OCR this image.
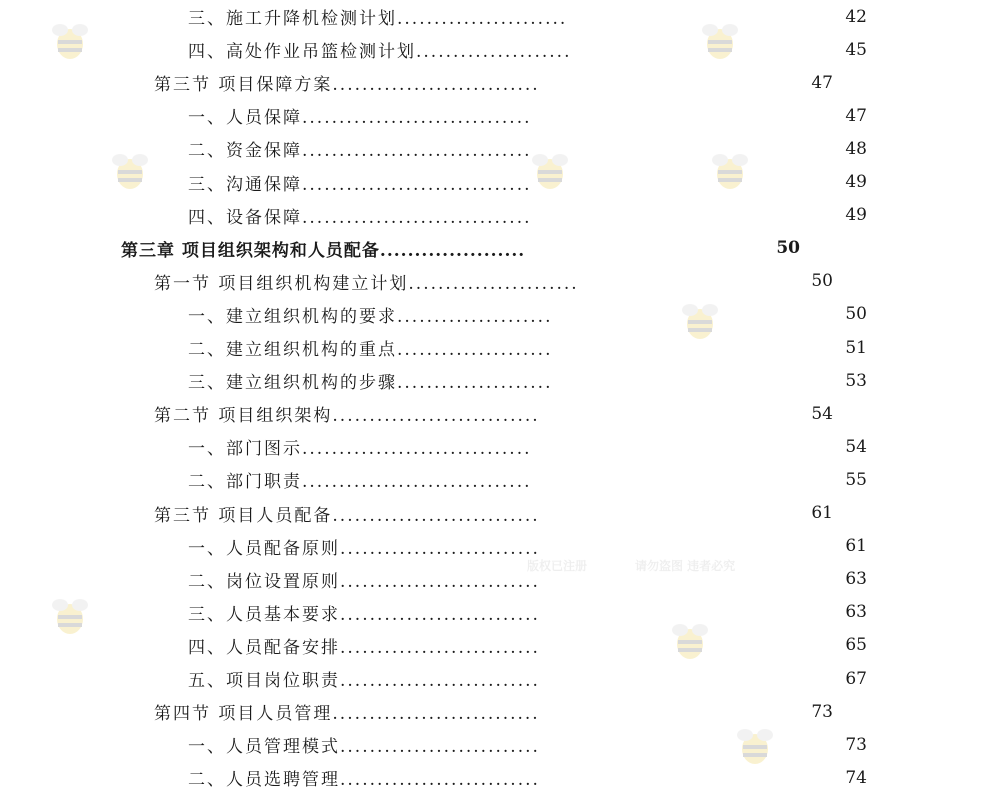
三、施工升降机检测计划.......................	42
四、高处作业吊篮检测计划.....................	45
第三节 项目保障方案............................	47
一、人员保障...............................	47
二、资金保障...............................	48
三、沟通保障...............................	49
四、设备保障...............................	49
第三章 项目组织架构和人员配备.....................	50
第一节 项目组织机构建立计划.......................	50
一、建立组织机构的要求.....................	50
二、建立组织机构的重点.....................	51
三、建立组织机构的步骤.....................	53
第二节 项目组织架构............................	54
一、部门图示...............................	54
二、部门职责...............................	55
第三节 项目人员配备............................	61
一、人员配备原则...........................	61
二、岗位设置原则...........................	63
三、人员基本要求...........................	63
四、人员配备安排...........................	65
五、项目岗位职责...........................	67
第四节 项目人员管理............................	73
一、人员管理模式...........................	73
二、人员选聘管理...........................	74
版权已注册	请勿盗图 违者必究
